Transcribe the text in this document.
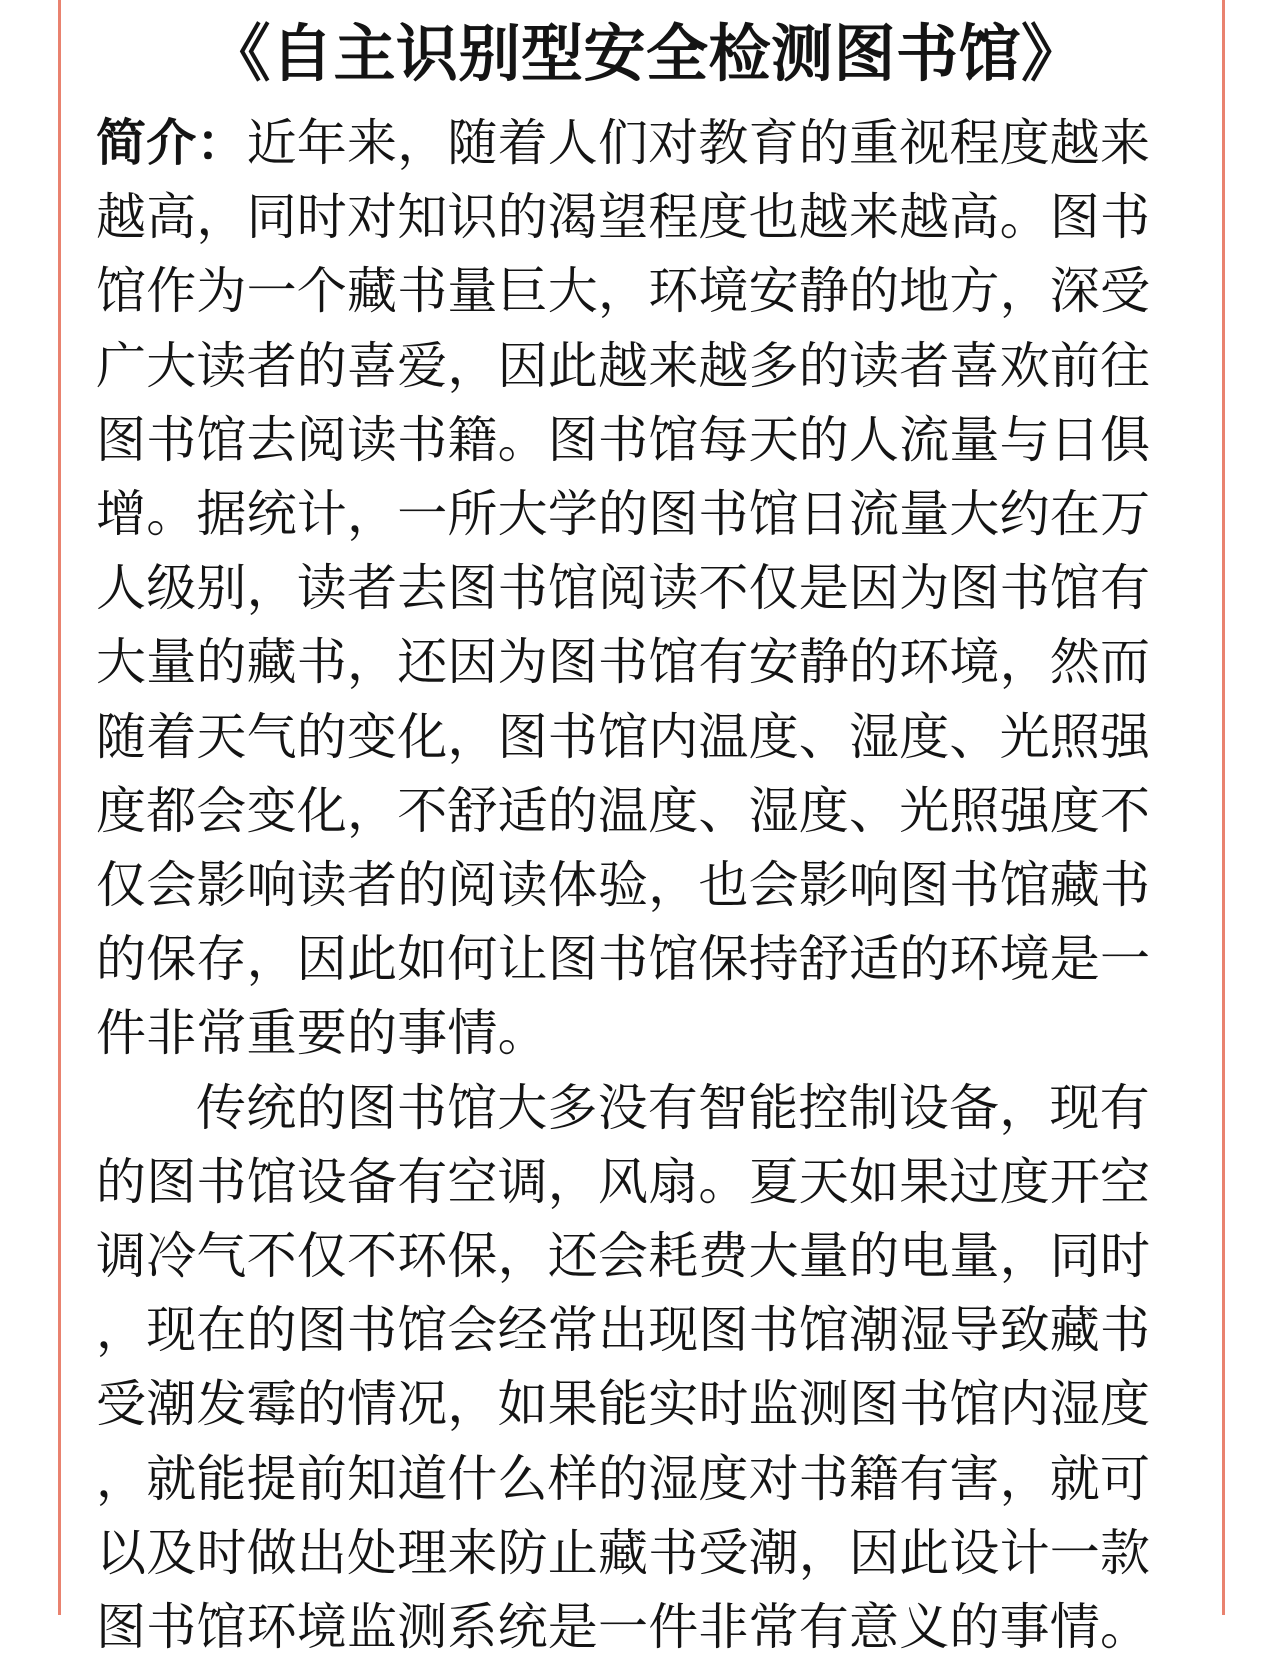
《自主识别型安全检测图书馆》

简介：近年来，随着人们对教育的重视程度越来越高，同时对知识的渴望程度也越来越高。图书馆作为一个藏书量巨大，环境安静的地方，深受广大读者的喜爱，因此越来越多的读者喜欢前往图书馆去阅读书籍。图书馆每天的人流量与日俱增。据统计，一所大学的图书馆日流量大约在万人级别，读者去图书馆阅读不仅是因为图书馆有大量的藏书，还因为图书馆有安静的环境，然而随着天气的变化，图书馆内温度、湿度、光照强度都会变化，不舒适的温度、湿度、光照强度不仅会影响读者的阅读体验，也会影响图书馆藏书的保存，因此如何让图书馆保持舒适的环境是一件非常重要的事情。

传统的图书馆大多没有智能控制设备，现有的图书馆设备有空调，风扇。夏天如果过度开空调冷气不仅不环保，还会耗费大量的电量，同时，现在的图书馆会经常出现图书馆潮湿导致藏书受潮发霉的情况，如果能实时监测图书馆内湿度，就能提前知道什么样的湿度对书籍有害，就可以及时做出处理来防止藏书受潮，因此设计一款图书馆环境监测系统是一件非常有意义的事情。
